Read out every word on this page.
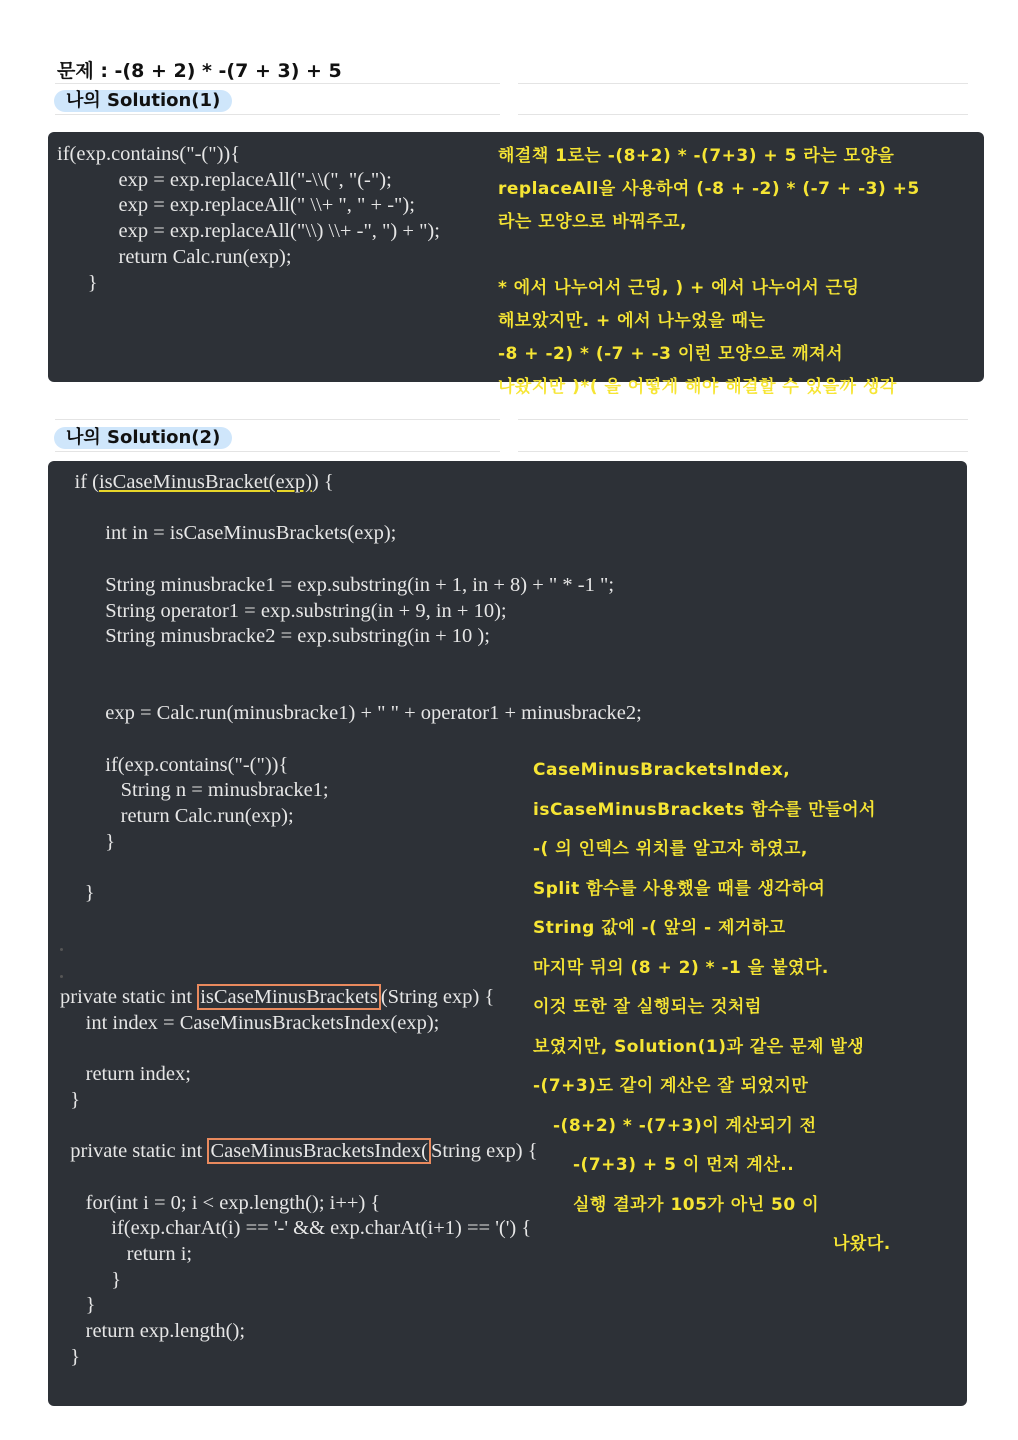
문제 : -(8 + 2) * -(7 + 3) + 5
나의 Solution(1)
if(exp.contains("-(")){
exp = exp.replaceAll("-\\(", "(-");
exp = exp.replaceAll(" \\+ ", " + -");
exp = exp.replaceAll("\\) \\+ -", ") + ");
return Calc.run(exp);
}
해결책 1로는 -(8+2) * -(7+3) + 5 라는 모양을
replaceAll을 사용하여 (-8 + -2) * (-7 + -3) +5
라는 모양으로 바꿔주고,

* 에서 나누어서 근딩, ) + 에서 나누어서 근딩
해보았지만. + 에서 나누었을 때는
-8 + -2) * (-7 + -3 이런 모양으로 깨져서
나왔지만 )*( 을 어떻게 해야 해결할 수 있을까 생각
나의 Solution(2)
if (isCaseMinusBracket(exp)) {

int in = isCaseMinusBrackets(exp);

String minusbracke1 = exp.substring(in + 1, in + 8) + " * -1 ";
String operator1 = exp.substring(in + 9, in + 10);
String minusbracke2 = exp.substring(in + 10 );

exp = Calc.run(minusbracke1) + " " + operator1 + minusbracke2;

if(exp.contains("-(")){
String n = minusbracke1;
return Calc.run(exp);
}

}
private static int isCaseMinusBrackets (String exp) {
int index = CaseMinusBracketsIndex(exp);

return index;
}

private static int CaseMinusBracketsIndex( String exp) {

for(int i = 0; i < exp.length(); i++) {
if(exp.charAt(i) == '-' && exp.charAt(i+1) == '(') {
return i;
}
}
return exp.length();
}
CaseMinusBracketsIndex,
isCaseMinusBrackets 함수를 만들어서
-( 의 인덱스 위치를 알고자 하였고,
Split 함수를 사용했을 때를 생각하여
String 값에 -( 앞의 - 제거하고
마지막 뒤의 (8 + 2) * -1 을 붙였다.
이것 또한 잘 실행되는 것처럼
보였지만, Solution(1)과 같은 문제 발생
-(7+3)도 같이 계산은 잘 되었지만
-(8+2) * -(7+3)이 계산되기 전
-(7+3) + 5 이 먼저 계산..
실행 결과가 105가 아닌 50 이
나왔다.
